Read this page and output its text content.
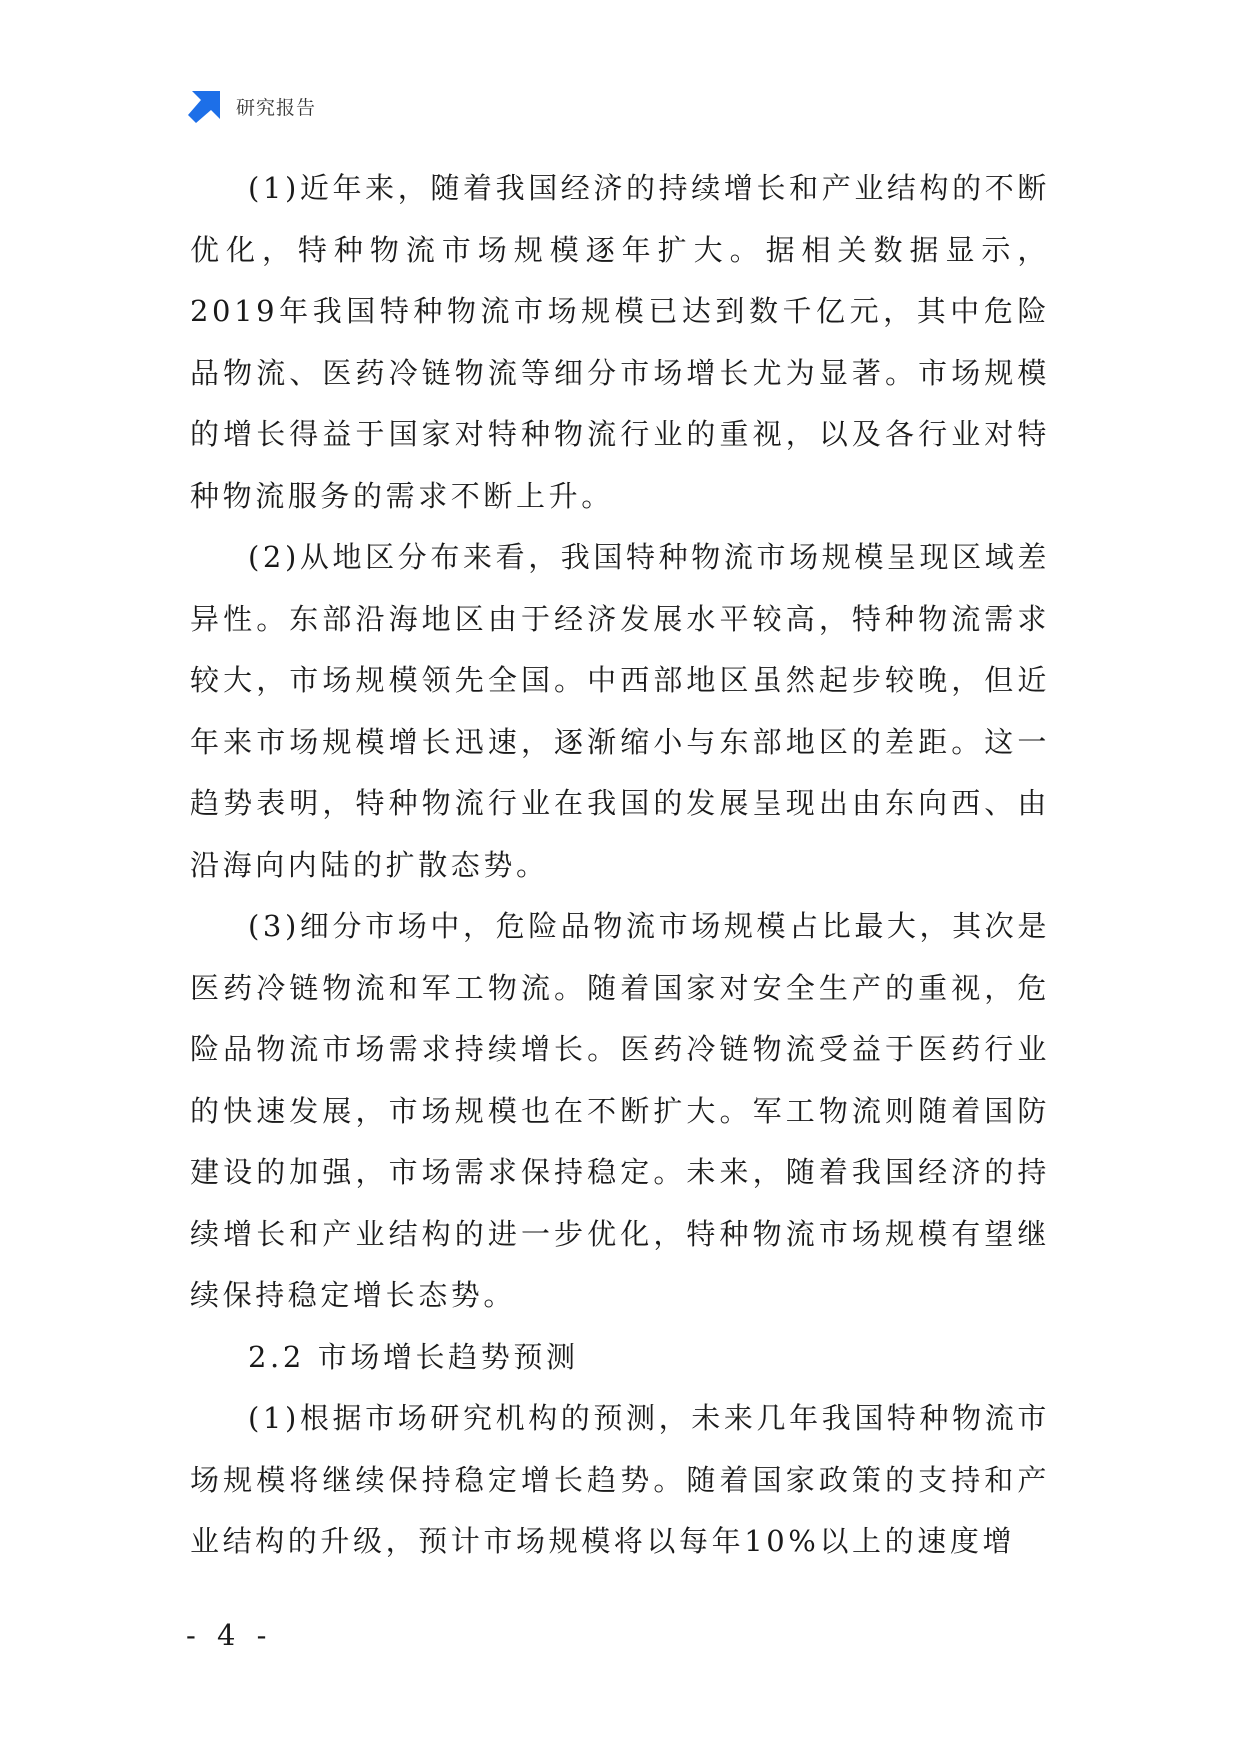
研究报告

(1)近年来，随着我国经济的持续增长和产业结构的不断优化，特种物流市场规模逐年扩大。据相关数据显示，2019年我国特种物流市场规模已达到数千亿元，其中危险品物流、医药冷链物流等细分市场增长尤为显著。市场规模的增长得益于国家对特种物流行业的重视，以及各行业对特种物流服务的需求不断上升。

(2)从地区分布来看，我国特种物流市场规模呈现区域差异性。东部沿海地区由于经济发展水平较高，特种物流需求较大，市场规模领先全国。中西部地区虽然起步较晚，但近年来市场规模增长迅速，逐渐缩小与东部地区的差距。这一趋势表明，特种物流行业在我国的发展呈现出由东向西、由沿海向内陆的扩散态势。

(3)细分市场中，危险品物流市场规模占比最大，其次是医药冷链物流和军工物流。随着国家对安全生产的重视，危险品物流市场需求持续增长。医药冷链物流受益于医药行业的快速发展，市场规模也在不断扩大。军工物流则随着国防建设的加强，市场需求保持稳定。未来，随着我国经济的持续增长和产业结构的进一步优化，特种物流市场规模有望继续保持稳定增长态势。

2.2 市场增长趋势预测

(1)根据市场研究机构的预测，未来几年我国特种物流市场规模将继续保持稳定增长趋势。随着国家政策的支持和产业结构的升级，预计市场规模将以每年10%以上的速度增

- 4 -
